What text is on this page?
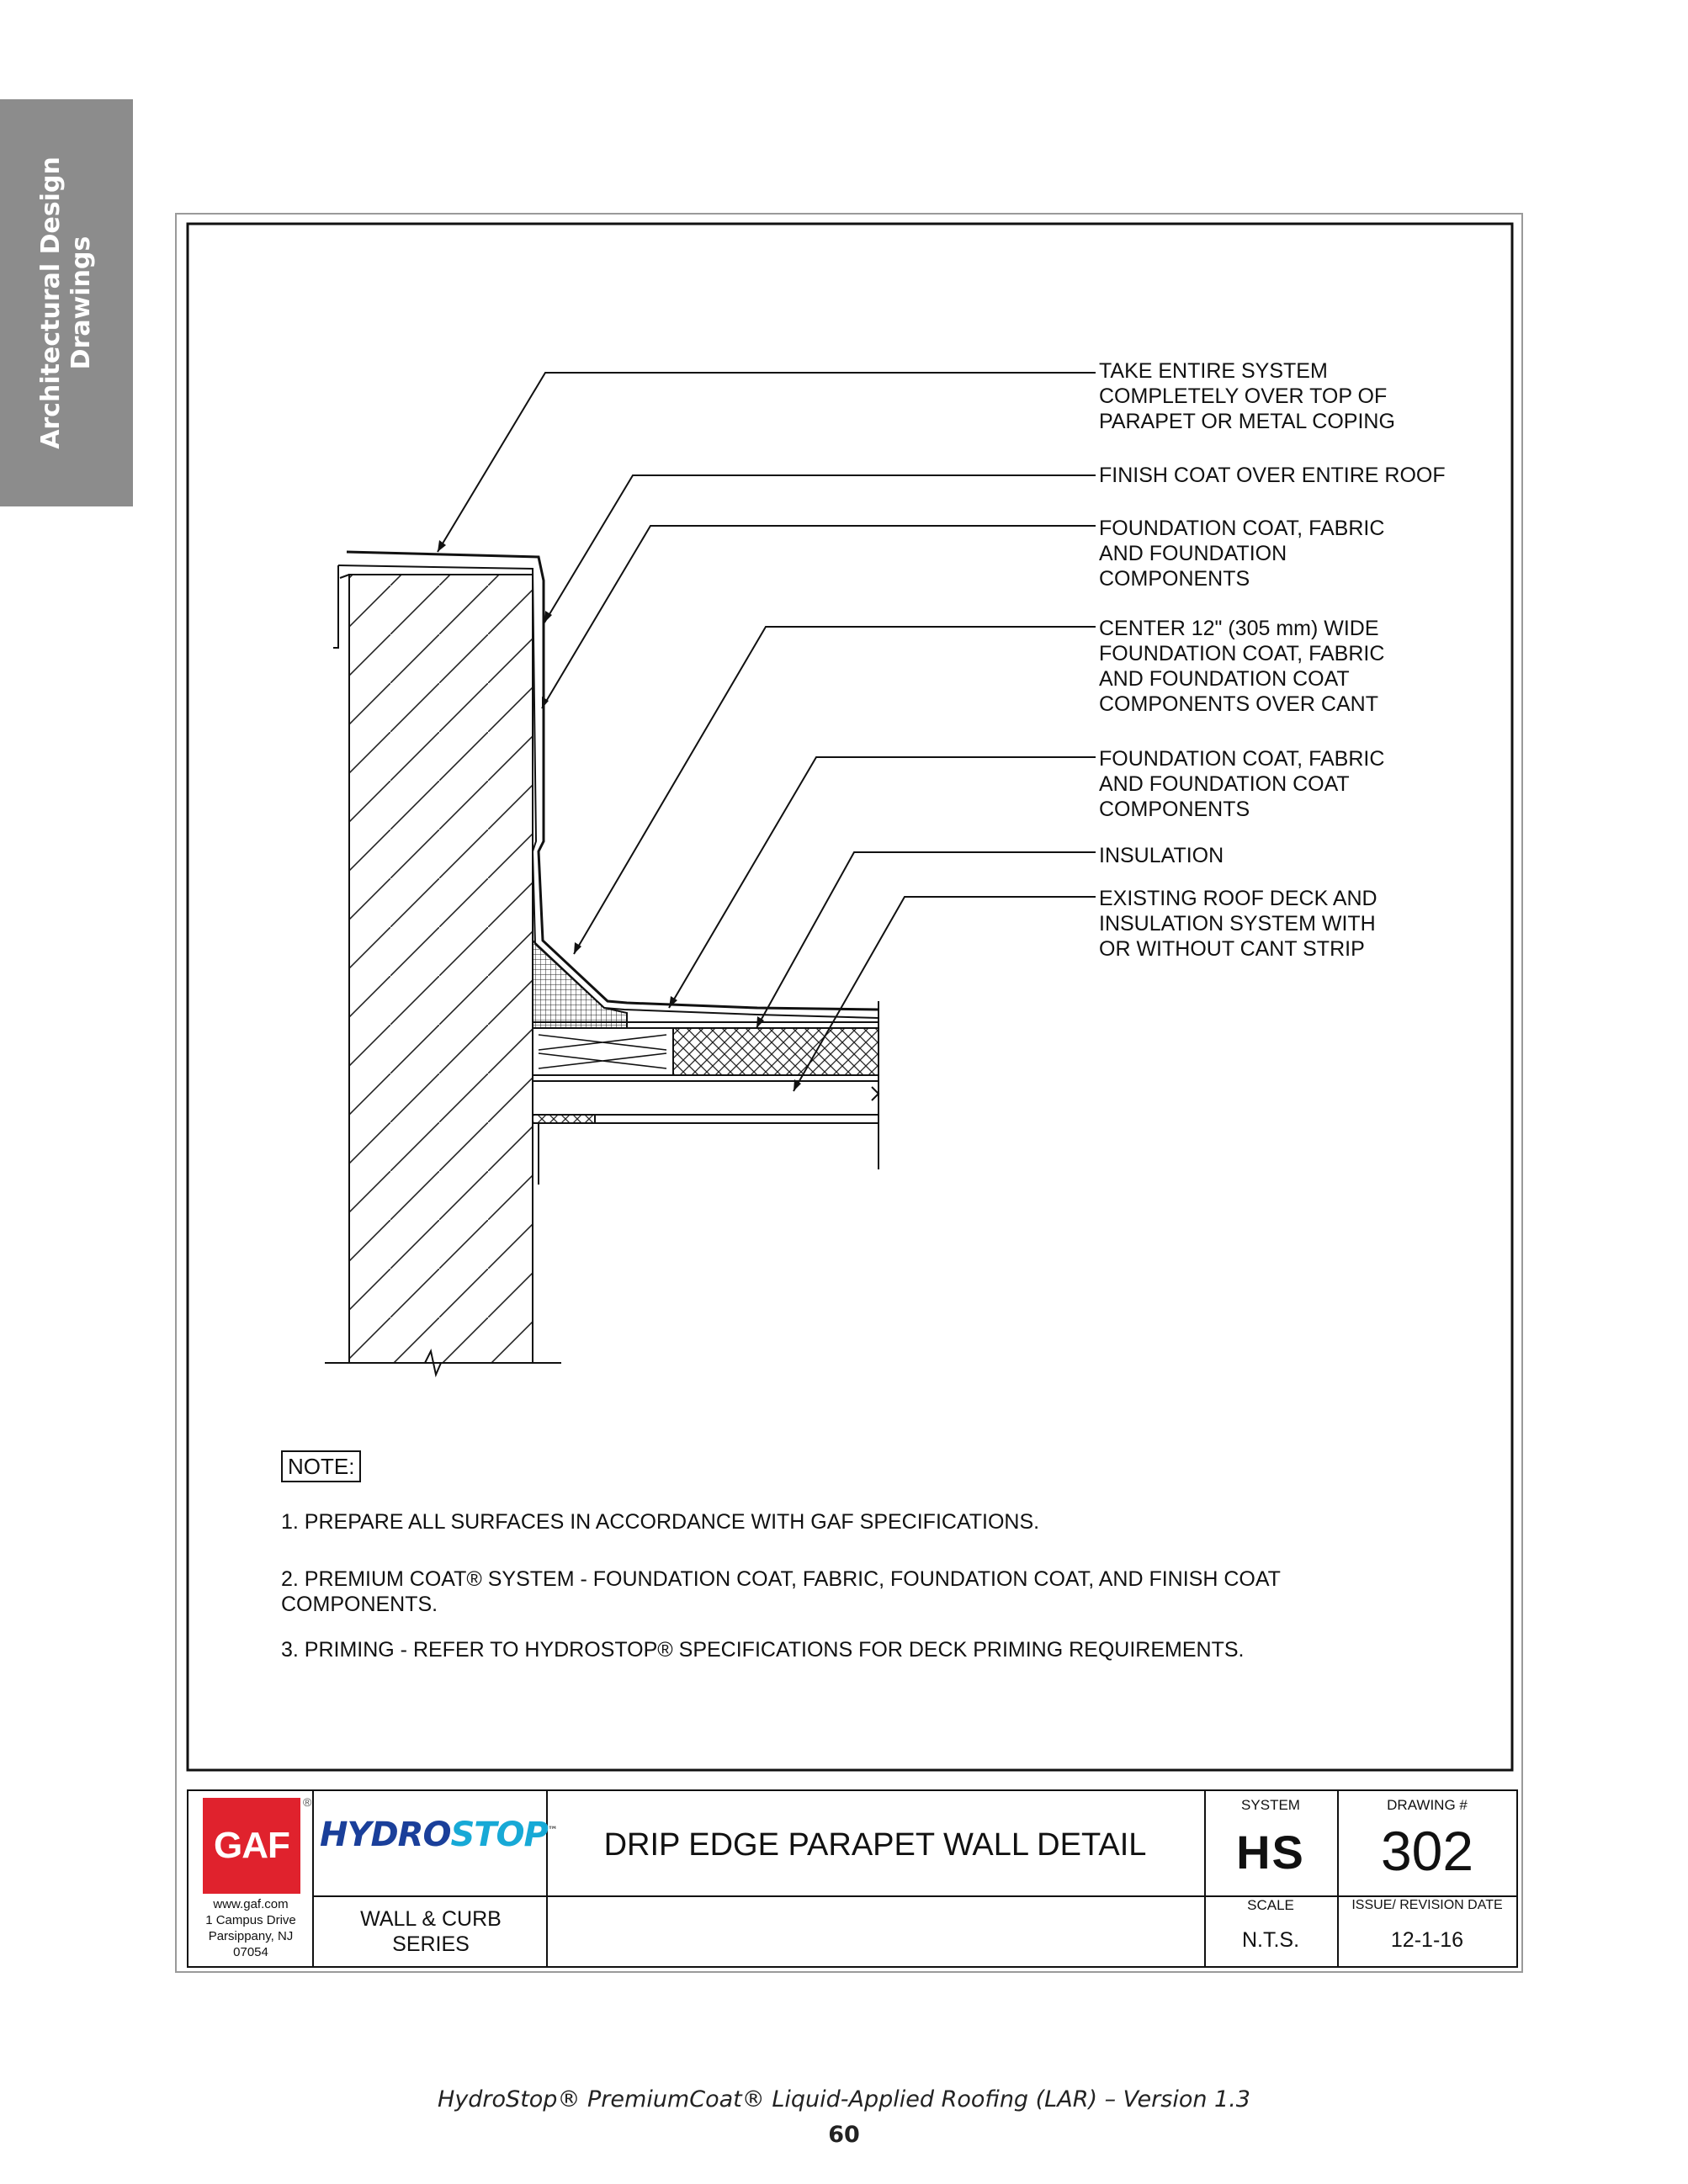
Architectural Design Drawings
TAKE ENTIRE SYSTEM
COMPLETELY OVER TOP OF
PARAPET OR METAL COPING
FINISH COAT OVER ENTIRE ROOF
FOUNDATION COAT, FABRIC
AND FOUNDATION
COMPONENTS
CENTER 12" (305 mm) WIDE
FOUNDATION COAT, FABRIC
AND FOUNDATION COAT
COMPONENTS OVER CANT
FOUNDATION COAT, FABRIC
AND FOUNDATION COAT
COMPONENTS
INSULATION
EXISTING ROOF DECK AND
INSULATION SYSTEM WITH
OR WITHOUT CANT STRIP
NOTE:
1. PREPARE ALL SURFACES IN ACCORDANCE WITH GAF SPECIFICATIONS.
2. PREMIUM COAT® SYSTEM - FOUNDATION COAT, FABRIC, FOUNDATION COAT, AND FINISH COAT COMPONENTS.
3. PRIMING - REFER TO HYDROSTOP® SPECIFICATIONS FOR DECK PRIMING REQUIREMENTS.
GAF
®
www.gaf.com
1 Campus Drive
Parsippany, NJ
07054
HYDROSTOP™
WALL & CURB
SERIES
DRIP EDGE PARAPET WALL DETAIL
SYSTEM
HS
DRAWING #
302
SCALE
N.T.S.
ISSUE/ REVISION DATE
12-1-16
HydroStop® PremiumCoat® Liquid-Applied Roofing (LAR) – Version 1.3
60
